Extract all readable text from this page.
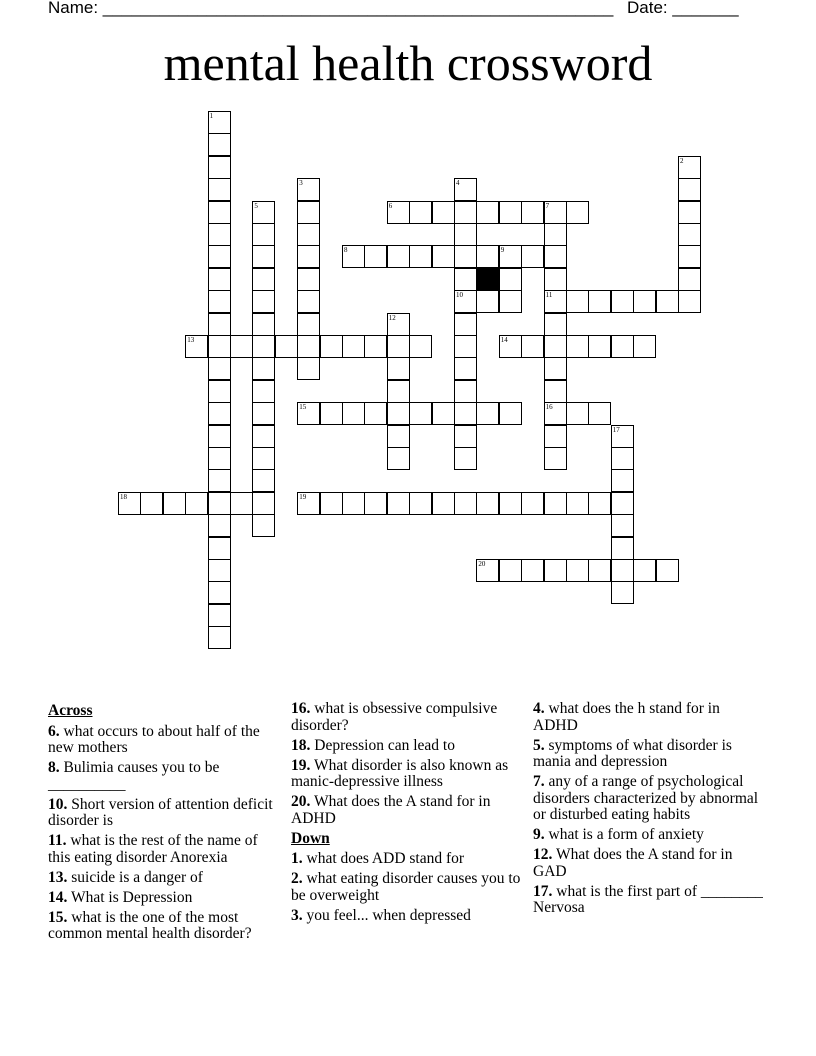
Name: ______________________________________________________ Date: _______
mental health crossword
1
2
3	4
10
5	6	7
11
16
8	9
12
13	14
15
17
18	19
20
Across
6. what occurs to about half of the new mothers
8. Bulimia causes you to be __________
10. Short version of attention deficit disorder is
11. what is the rest of the name of this eating disorder Anorexia
13. suicide is a danger of
14. What is Depression
15. what is the one of the most common mental health disorder?
16. what is obsessive compulsive disorder?
18. Depression can lead to
19. What disorder is also known as manic-depressive illness
20. What does the A stand for in ADHD
Down
1. what does ADD stand for
2. what eating disorder causes you to be overweight
3. you feel... when depressed
4. what does the h stand for in ADHD
5. symptoms of what disorder is mania and depression
7. any of a range of psychological disorders characterized by abnormal or disturbed eating habits
9. what is a form of anxiety
12. What does the A stand for in GAD
17. what is the first part of ________ Nervosa
